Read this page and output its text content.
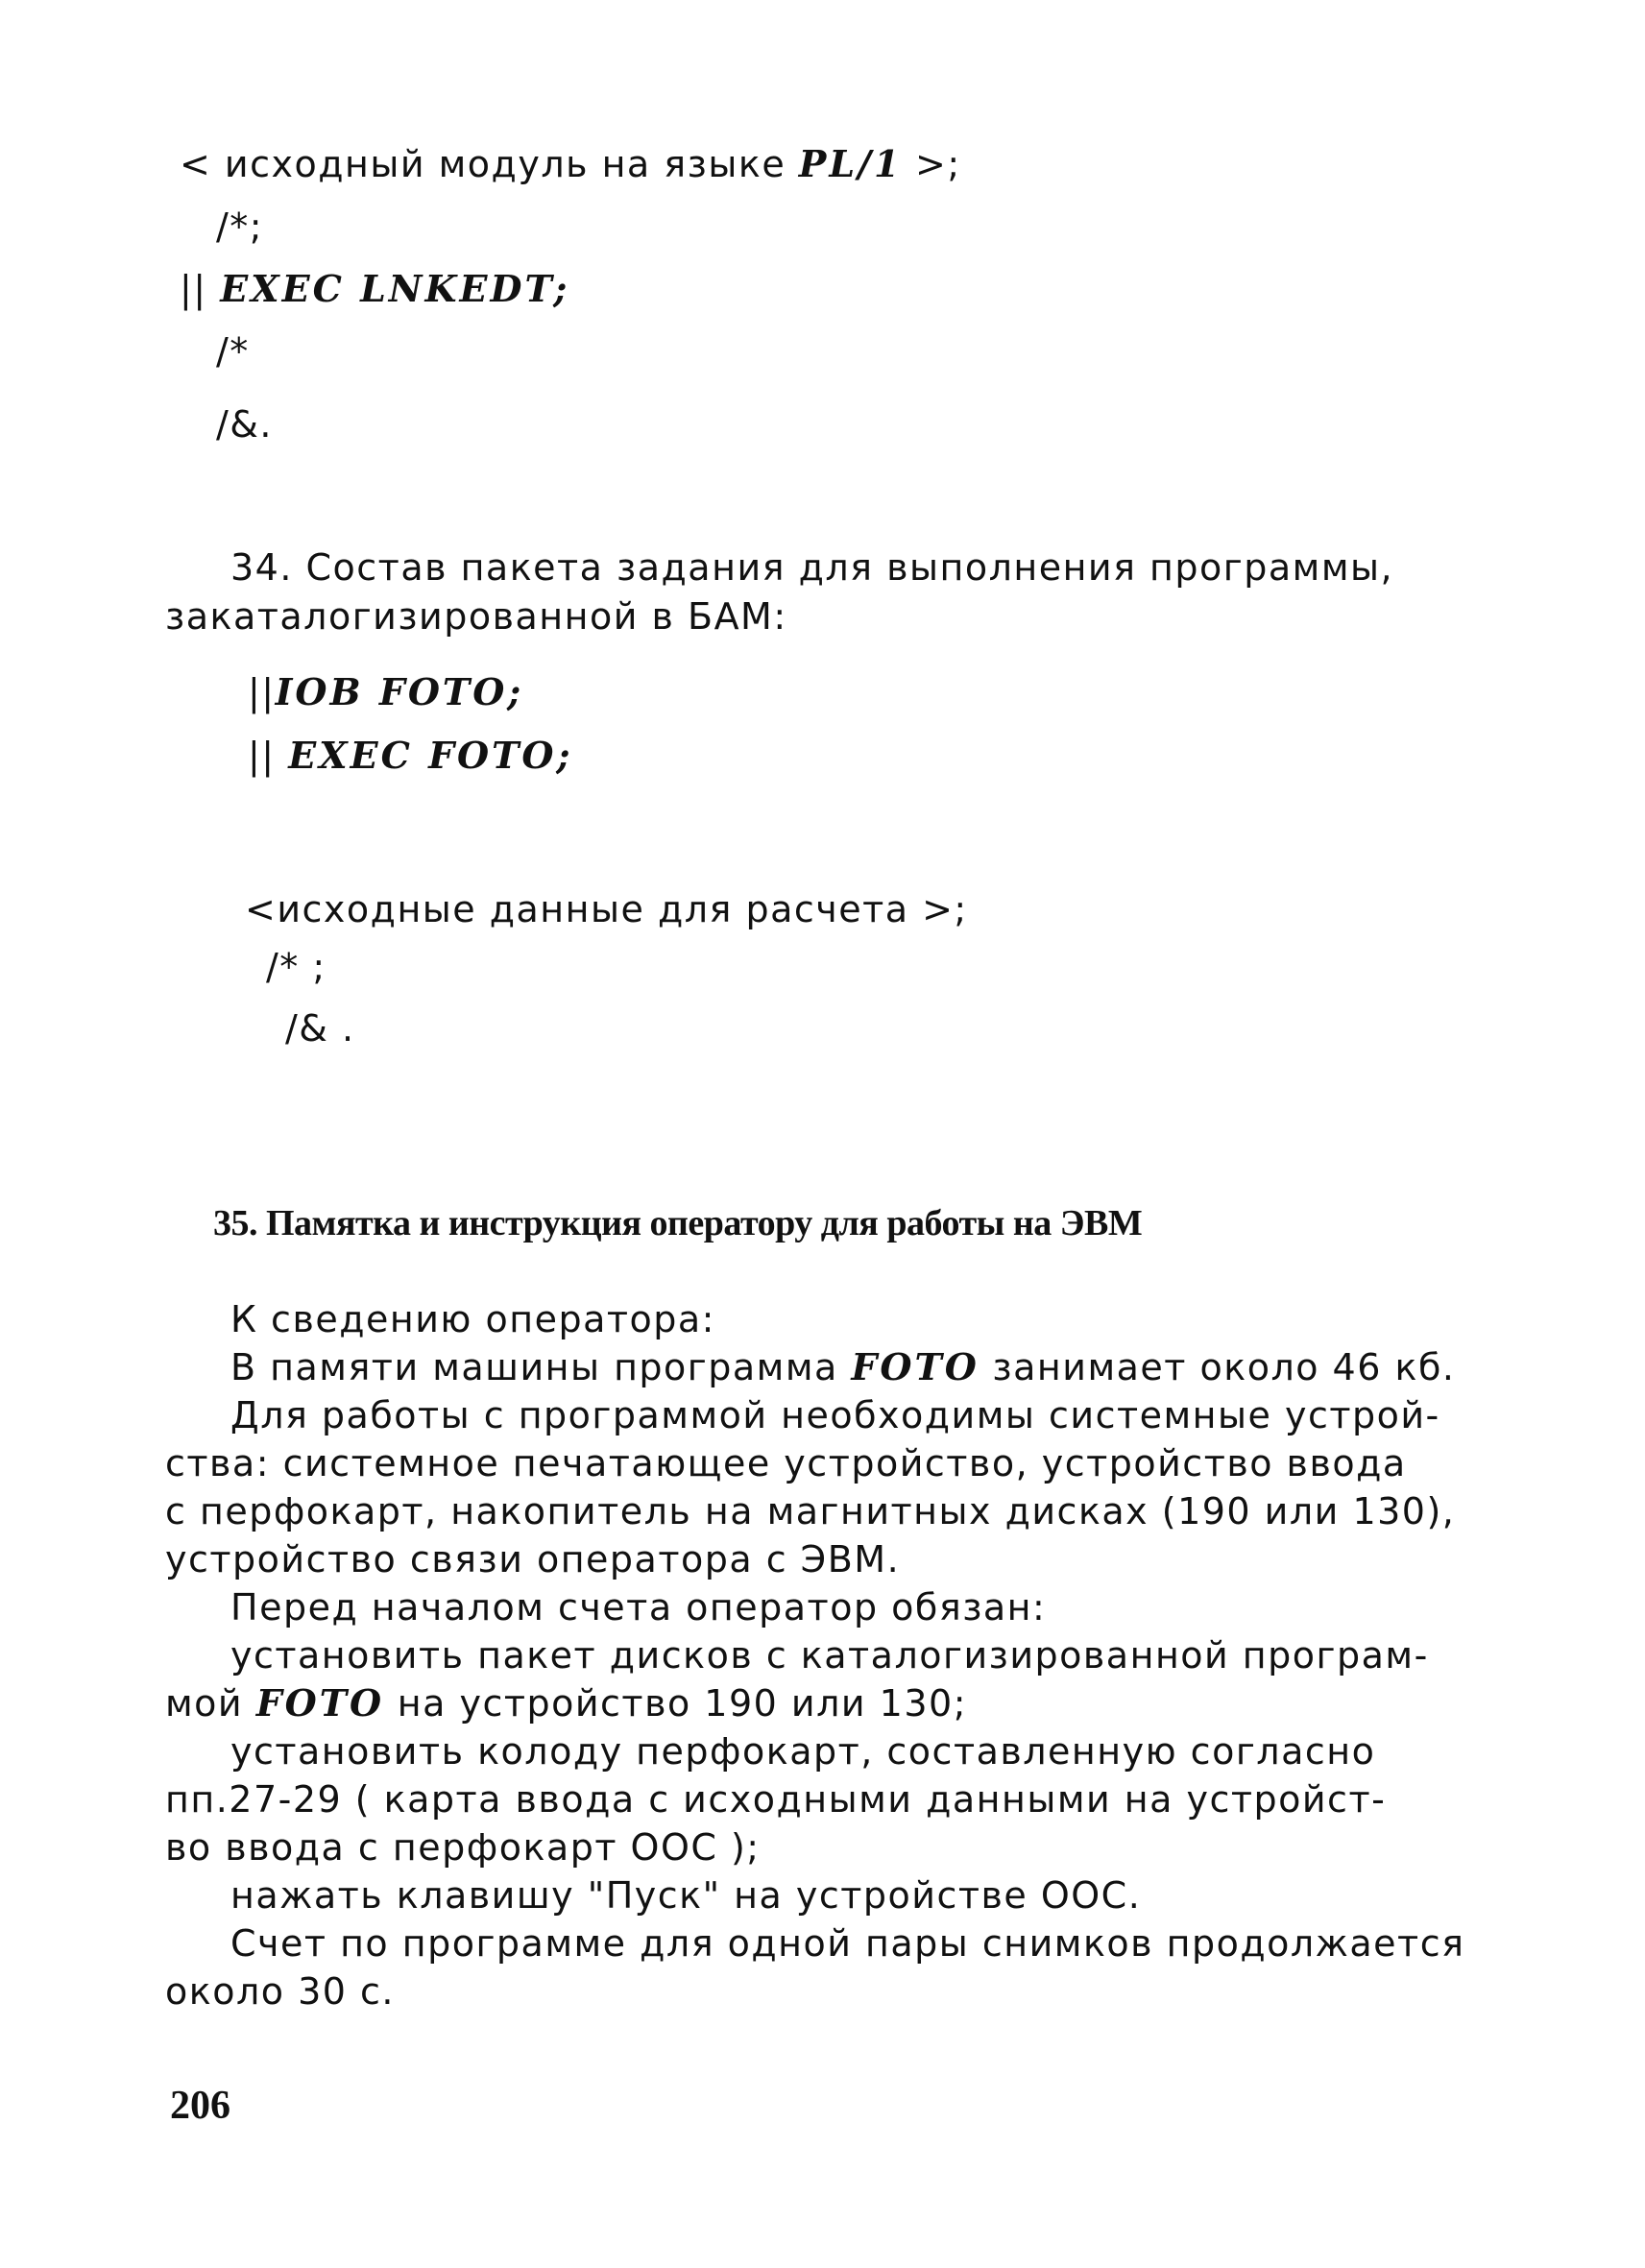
< исходный модуль на языке PL/1 >;
/*;
|| EXEC LNKEDT;
/*
/&.
34. Состав пакета задания для выполнения программы,
закаталогизированной в БАМ:
||IOB FOTO;
|| EXEC FOTO;
<исходные данные для расчета >;
/* ;
/& .
35. Памятка и инструкция оператору для работы на ЭВМ
К сведению оператора:
В памяти машины программа FOTO занимает около 46 кб.
Для работы с программой необходимы системные устрой-
ства: системное печатающее устройство, устройство ввода
с перфокарт, накопитель на магнитных дисках (190 или 130),
устройство связи оператора с ЭВМ.
Перед началом счета оператор обязан:
установить пакет дисков с каталогизированной програм-
мой FOTO на устройство 190 или 130;
установить колоду перфокарт, составленную согласно
пп.27-29 ( карта ввода с исходными данными на устройст-
во ввода с перфокарт ООС );
нажать клавишу "Пуск" на устройстве ООС.
Счет по программе для одной пары снимков продолжается
около 30 с.
206
